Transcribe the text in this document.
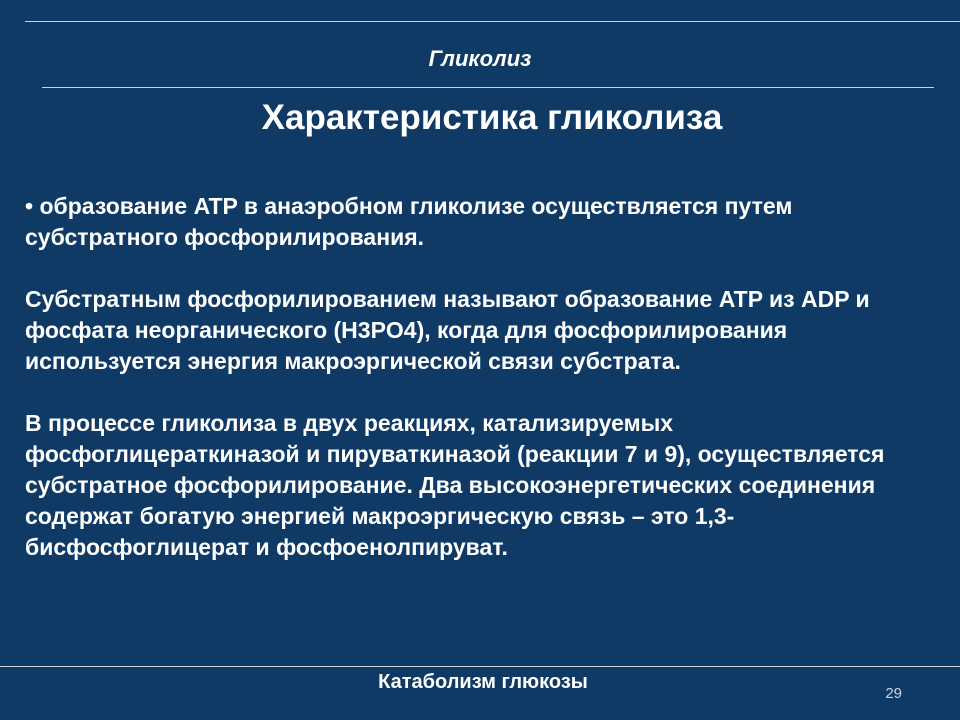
Гликолиз
Характеристика гликолиза

• образование ATP в анаэробном гликолизе осуществляется путем субстратного фосфорилирования.

Субстратным фосфорилированием называют образование ATP из ADP и фосфата неорганического (H3PO4), когда для фосфорилирования используется энергия макроэргической связи субстрата.

В процессе гликолиза в двух реакциях, катализируемых фосфоглицераткиназой и пируваткиназой (реакции 7 и 9), осуществляется субстратное фосфорилирование. Два высокоэнергетических соединения содержат богатую энергией макроэргическую связь – это 1,3-бисфосфоглицерат и фосфоенолпируват.

Катаболизм глюкозы
29
